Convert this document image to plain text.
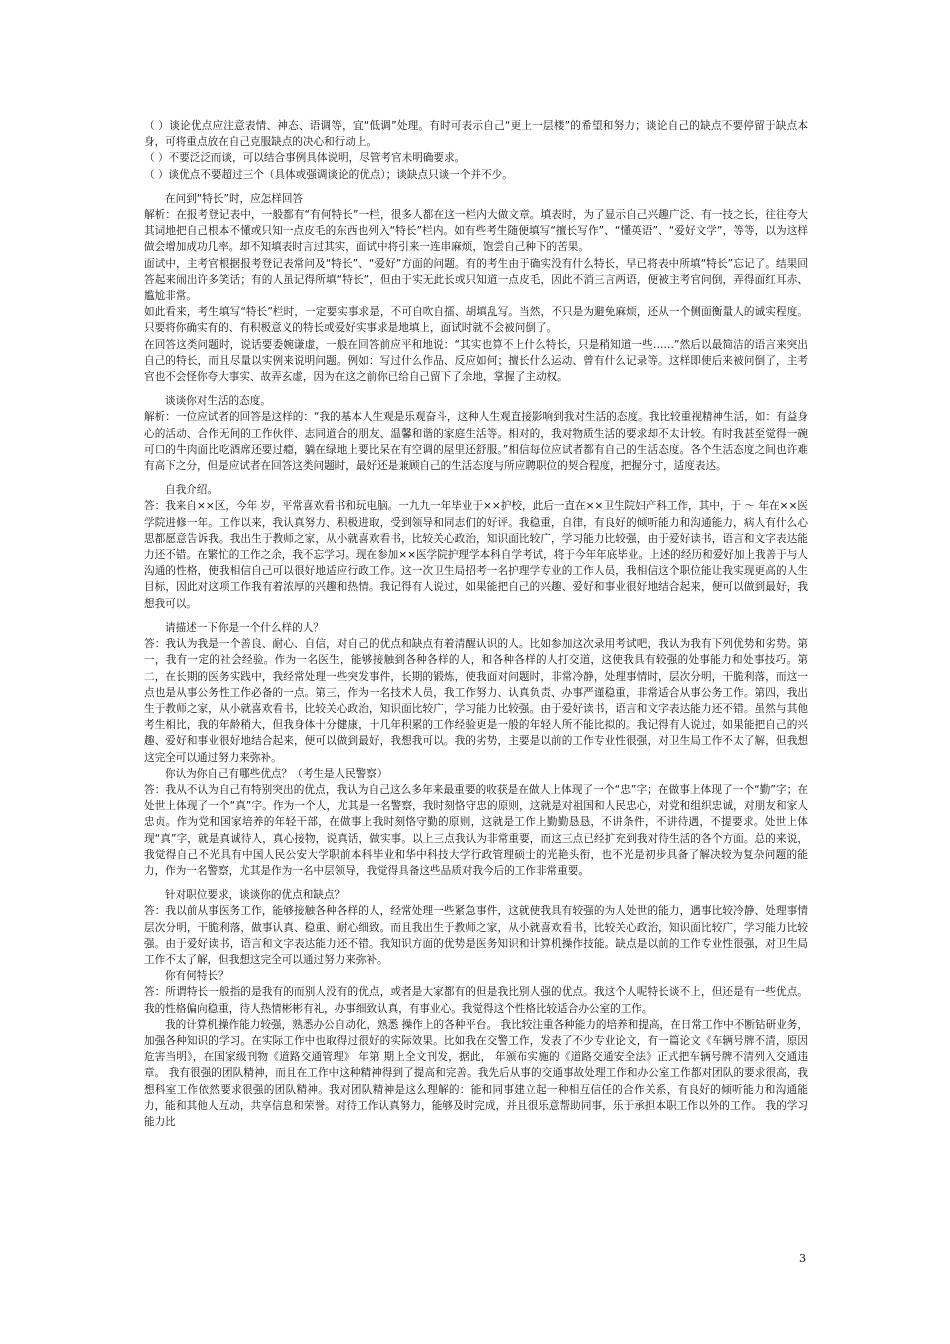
（ ）谈论优点应注意表情、神态、语调等，宜“低调”处理。有时可表示自己“更上一层楼”的希望和努力；谈论自己的缺点不要停留于缺点本身，可将重点放在自己克服缺点的决心和行动上。

（ ）不要泛泛而谈，可以结合事例具体说明，尽管考官未明确要求。

（ ）谈优点不要超过三个（具体或强调谈论的优点）；谈缺点只谈一个并不少。

在问到“特长”时，应怎样回答

解析：在报考登记表中，一般都有“有何特长”一栏，很多人都在这一栏内大做文章。填表时，为了显示自己兴趣广泛、有一技之长，往往夸大其词地把自己根本不懂或只知一点皮毛的东西也列入“特长”栏内。如有些考生随便填写“擅长写作”、“懂英语”、“爱好文学”，等等，以为这样做会增加成功几率。却不知填表时言过其实，面试中将引来一连串麻烦，饱尝自己种下的苦果。

面试中，主考官根据报考登记表常问及“特长”、“爱好”方面的问题。有的考生由于确实没有什么特长，早已将表中所填“特长”忘记了。结果回答起来闹出许多笑话；有的人虽记得所填“特长”，但由于实无此长或只知道一点皮毛，因此不消三言两语，便被主考官问倒，弄得面红耳赤、尴尬非常。

如此看来，考生填写“特长”栏时，一定要实事求是，不可自吹自擂、胡填乱写。当然，不只是为避免麻烦，还从一个侧面衡量人的诚实程度。只要将你确实有的、有积极意义的特长或爱好实事求是地填上，面试时就不会被问倒了。

在回答这类问题时，说话要委婉谦虚，一般在回答前应平和地说：“其实也算不上什么特长，只是稍知道一些……”然后以最简洁的语言来突出自己的特长，而且尽量以实例来说明问题。例如：写过什么作品、反应如何；擅长什么运动、曾有什么记录等。这样即使后来被问倒了，主考官也不会怪你夸大事实、故弄玄虚，因为在这之前你已给自己留下了余地，掌握了主动权。

谈谈你对生活的态度。

解析：一位应试者的回答是这样的：“我的基本人生观是乐观奋斗，这种人生观直接影响到我对生活的态度。我比较重视精神生活，如：有益身心的活动、合作无间的工作伙伴、志同道合的朋友、温馨和谐的家庭生活等。相对的，我对物质生活的要求却不太计较。有时我甚至觉得一碗可口的牛肉面比吃酒席还要过瘾，躺在绿地上要比呆在有空调的屋里还舒服。”相信每位应试者都有自己的生活态度。各个生活态度之间也许难有高下之分，但是应试者在回答这类问题时，最好还是兼顾自己的生活态度与所应聘职位的契合程度，把握分寸，适度表达。

自我介绍。

答：我来自××区，今年 岁，平常喜欢看书和玩电脑。一九九一年毕业于××护校，此后一直在××卫生院妇产科工作，其中，于 ～ 年在××医学院进修一年。工作以来，我认真努力、积极进取，受到领导和同志们的好评。我稳重，自律，有良好的倾听能力和沟通能力，病人有什么心思都愿意告诉我。我出生于教师之家，从小就喜欢看书，比较关心政治，知识面比较广，学习能力比较强，由于爱好读书，语言和文字表达能力还不错。在繁忙的工作之余，我不忘学习。现在参加××医学院护理学本科自学考试，将于今年年底毕业。上述的经历和爱好加上我善于与人沟通的性格，使我相信自己可以很好地适应行政工作。这一次卫生局招考一名护理学专业的工作人员，我相信这个职位能让我实现更高的人生目标，因此对这项工作我有着浓厚的兴趣和热情。我记得有人说过，如果能把自己的兴趣、爱好和事业很好地结合起来，便可以做到最好，我想我可以。

请描述一下你是一个什么样的人？

答：我认为我是一个善良、耐心、自信，对自己的优点和缺点有着清醒认识的人。比如参加这次录用考试吧，我认为我有下列优势和劣势。第一，我有一定的社会经验。作为一名医生，能够接触到各种各样的人，和各种各样的人打交道，这使我具有较强的处事能力和处事技巧。第二，在长期的医务实践中，我经常处理一些突发事件，长期的锻炼，使我面对问题时，非常冷静，处理事情时，层次分明，干脆利落，而这一点也是从事公务性工作必备的一点。第三，作为一名技术人员，我工作努力、认真负责、办事严谨稳重，非常适合从事公务工作。第四，我出生于教师之家，从小就喜欢看书，比较关心政治，知识面比较广，学习能力比较强。由于爱好读书，语言和文字表达能力还不错。虽然与其他考生相比，我的年龄稍大，但我身体十分健康，十几年积累的工作经验更是一般的年轻人所不能比拟的。我记得有人说过，如果能把自己的兴趣、爱好和事业很好地结合起来，便可以做到最好，我想我可以。我的劣势，主要是以前的工作专业性很强，对卫生局工作不太了解，但我想这完全可以通过努力来弥补。

你认为你自己有哪些优点？（考生是人民警察）

答：我从不认为自己有特别突出的优点，我认为自己这么多年来最重要的收获是在做人上体现了一个“忠”字；在做事上体现了一个“勤”字；在处世上体现了一个“真”字。作为一个人，尤其是一名警察，我时刻恪守忠的原则，这就是对祖国和人民忠心，对党和组织忠诚，对朋友和家人忠贞。作为党和国家培养的年轻干部，在做事上我时刻恪守勤的原则，这就是工作上勤勤恳恳，不讲条件，不讲待遇，不提要求。处世上体现“真”字，就是真诚待人，真心接物，说真话，做实事。以上三点我认为非常重要，而这三点已经扩充到我对待生活的各个方面。总的来说，我觉得自己不光具有中国人民公安大学职前本科毕业和华中科技大学行政管理硕士的光艳头衔，也不光是初步具备了解决较为复杂问题的能力，作为一名警察，尤其是作为一名中层领导，我觉得具备这些品质对我今后的工作非常重要。

针对职位要求，谈谈你的优点和缺点？

答：我以前从事医务工作，能够接触各种各样的人，经常处理一些紧急事件，这就使我具有较强的为人处世的能力，遇事比较冷静、处理事情层次分明，干脆利落，做事认真、稳重、耐心细致。而且我出生于教师之家，从小就喜欢看书，比较关心政治，知识面比较广，学习能力比较强。由于爱好读书，语言和文字表达能力还不错。我知识方面的优势是医务知识和计算机操作技能。缺点是以前的工作专业性很强，对卫生局工作不太了解，但我想这完全可以通过努力来弥补。

你有何特长？

答：所谓特长一般指的是我有的而别人没有的优点，或者是大家都有的但是我比别人强的优点。我这个人呢特长谈不上，但还是有一些优点。 我的性格偏向稳重，待人热情彬彬有礼，办事细致认真，有事业心。我觉得这个性格比较适合办公室的工作。

我的计算机操作能力较强，熟悉办公自动化，熟悉 操作上的各种平台。 我比较注重各种能力的培养和提高，在日常工作中不断钻研业务，加强各种知识的学习。在实际工作中也取得过很好的实际效果。比如我在交警工作，发表了不少专业论文，有一篇论文《车辆号牌不清，原因危害当明》，在国家级刊物《道路交通管理》 年第 期上全文刊发，据此， 年颁布实施的《道路交通安全法》正式把车辆号牌不清列入交通违章。 我有很强的团队精神，而且在工作中这种精神得到了提高和完善。我先后从事的交通事故处理工作和办公室工作都对团队的要求很高，我想科室工作依然要求很强的团队精神。我对团队精神是这么理解的：能和同事建立起一种相互信任的合作关系，有良好的倾听能力和沟通能力，能和其他人互动，共享信息和荣誉。对待工作认真努力，能够及时完成，并且很乐意帮助同事，乐于承担本职工作以外的工作。 我的学习能力比

3
